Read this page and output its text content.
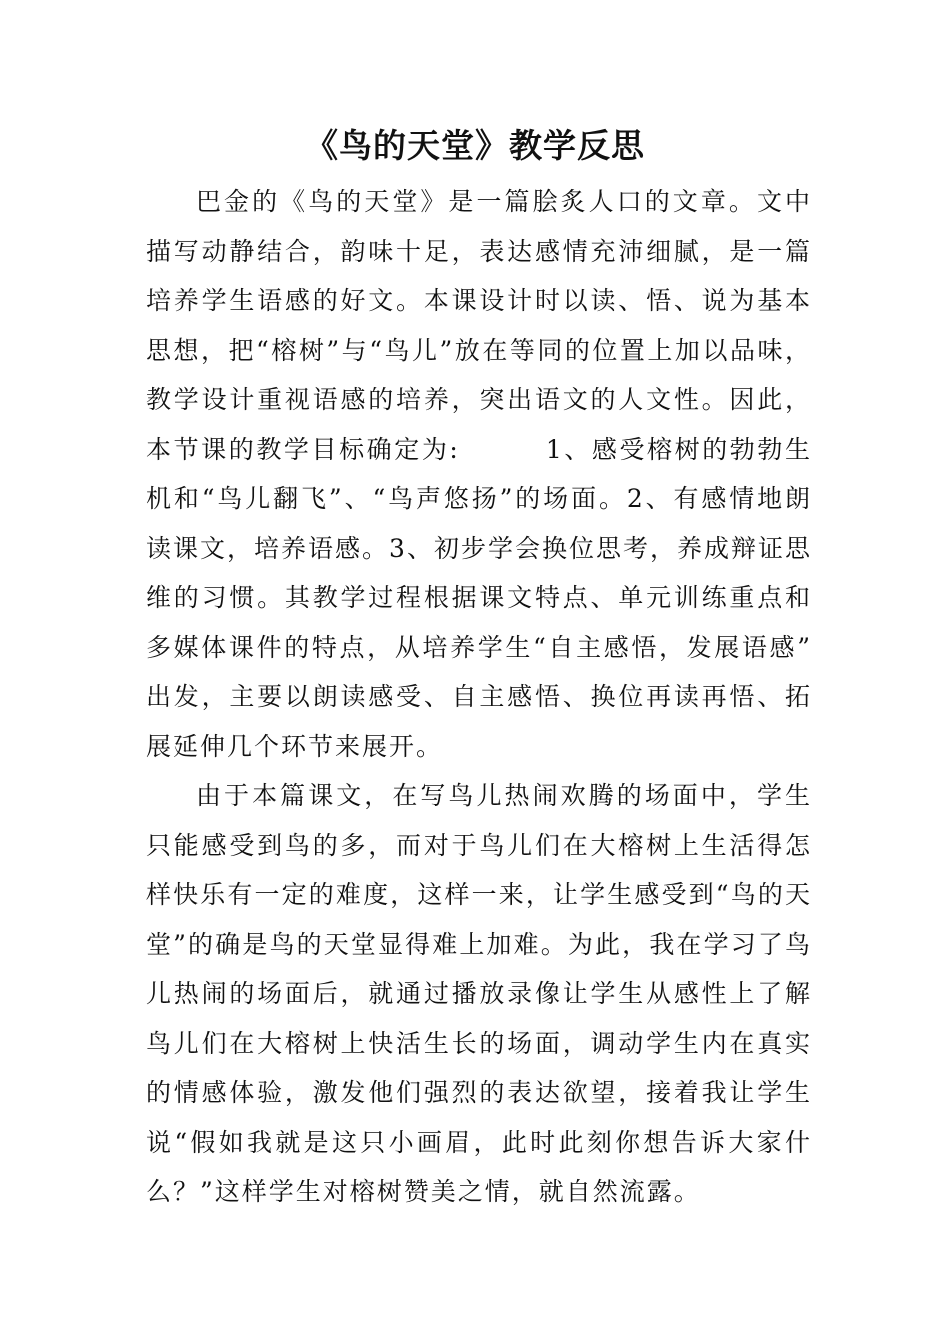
《鸟的天堂》教学反思

巴金的《鸟的天堂》是一篇脍炙人口的文章。文中描写动静结合，韵味十足，表达感情充沛细腻，是一篇培养学生语感的好文。本课设计时以读、悟、说为基本思想，把“榕树”与“鸟儿”放在等同的位置上加以品味，教学设计重视语感的培养，突出语文的人文性。因此，本节课的教学目标确定为:	1、感受榕树的勃勃生机和“鸟儿翻飞”、“鸟声悠扬”的场面。2、有感情地朗读课文，培养语感。3、初步学会换位思考，养成辩证思维的习惯。其教学过程根据课文特点、单元训练重点和多媒体课件的特点，从培养学生“自主感悟，发展语感” 出发，主要以朗读感受、自主感悟、换位再读再悟、拓展延伸几个环节来展开。

由于本篇课文，在写鸟儿热闹欢腾的场面中，学生只能感受到鸟的多，而对于鸟儿们在大榕树上生活得怎样快乐有一定的难度，这样一来，让学生感受到“鸟的天堂”的确是鸟的天堂显得难上加难。为此，我在学习了鸟儿热闹的场面后，就通过播放录像让学生从感性上了解鸟儿们在大榕树上快活生长的场面，调动学生内在真实的情感体验，激发他们强烈的表达欲望，接着我让学生说“假如我就是这只小画眉，此时此刻你想告诉大家什么？”这样学生对榕树赞美之情，就自然流露。
